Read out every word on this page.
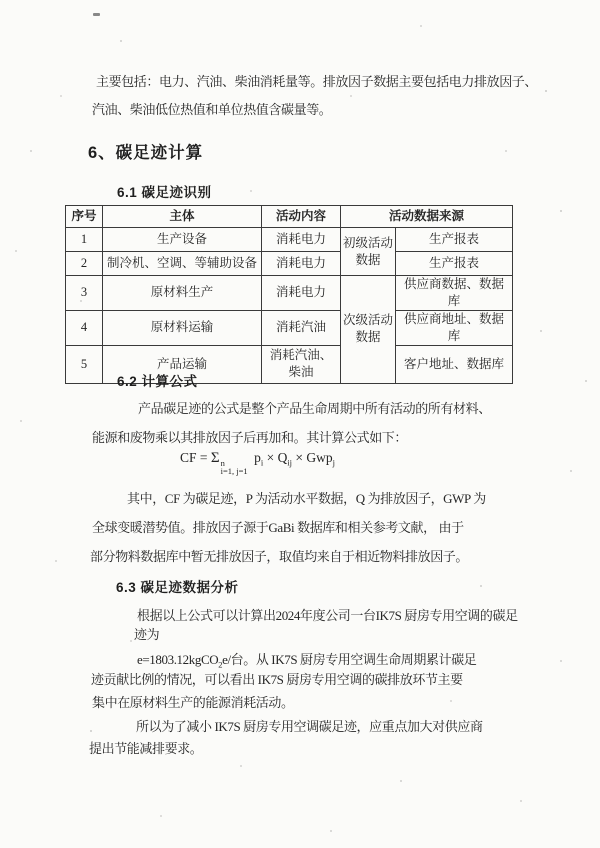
主要包括：电力、汽油、柴油消耗量等。排放因子数据主要包括电力排放因子、
汽油、柴油低位热值和单位热值含碳量等。
6、碳足迹计算
6.1 碳足迹识别
序号	主体	活动内容	活动数据来源	
1	生产设备	消耗电力	初级活动数据	生产报表
2	制冷机、空调、等辅助设备	消耗电力		生产报表
3	原材料生产	消耗电力	次级活动数据	供应商数据、数据库
4	原材料运输	消耗汽油		供应商地址、数据库
5	产品运输	消耗汽油、柴油		客户地址、数据库
6.2 计算公式
产品碳足迹的公式是整个产品生命周期中所有活动的所有材料、
能源和废物乘以其排放因子后再加和。其计算公式如下：
CF = Σ n
i=1, j=1
$p_i \times Q_{ij} \times Gwp_j$
其中，CF 为碳足迹，P 为活动水平数据，Q 为排放因子，GWP 为
全球变暖潜势值。排放因子源于GaBi 数据库和相关参考文献， 由于
部分物料数据库中暂无排放因子，取值均来自于相近物料排放因子。
6.3 碳足迹数据分析
根据以上公式可以计算出2024年度公司一台IK7S 厨房专用空调的碳足
迹为
e=1803.12kgCO$_2$e/台。从 IK7S 厨房专用空调生命周期累计碳足
迹贡献比例的情况，可以看出 IK7S 厨房专用空调的碳排放环节主要
集中在原材料生产的能源消耗活动。
所以为了减小 IK7S 厨房专用空调碳足迹，应重点加大对供应商
提出节能减排要求。
